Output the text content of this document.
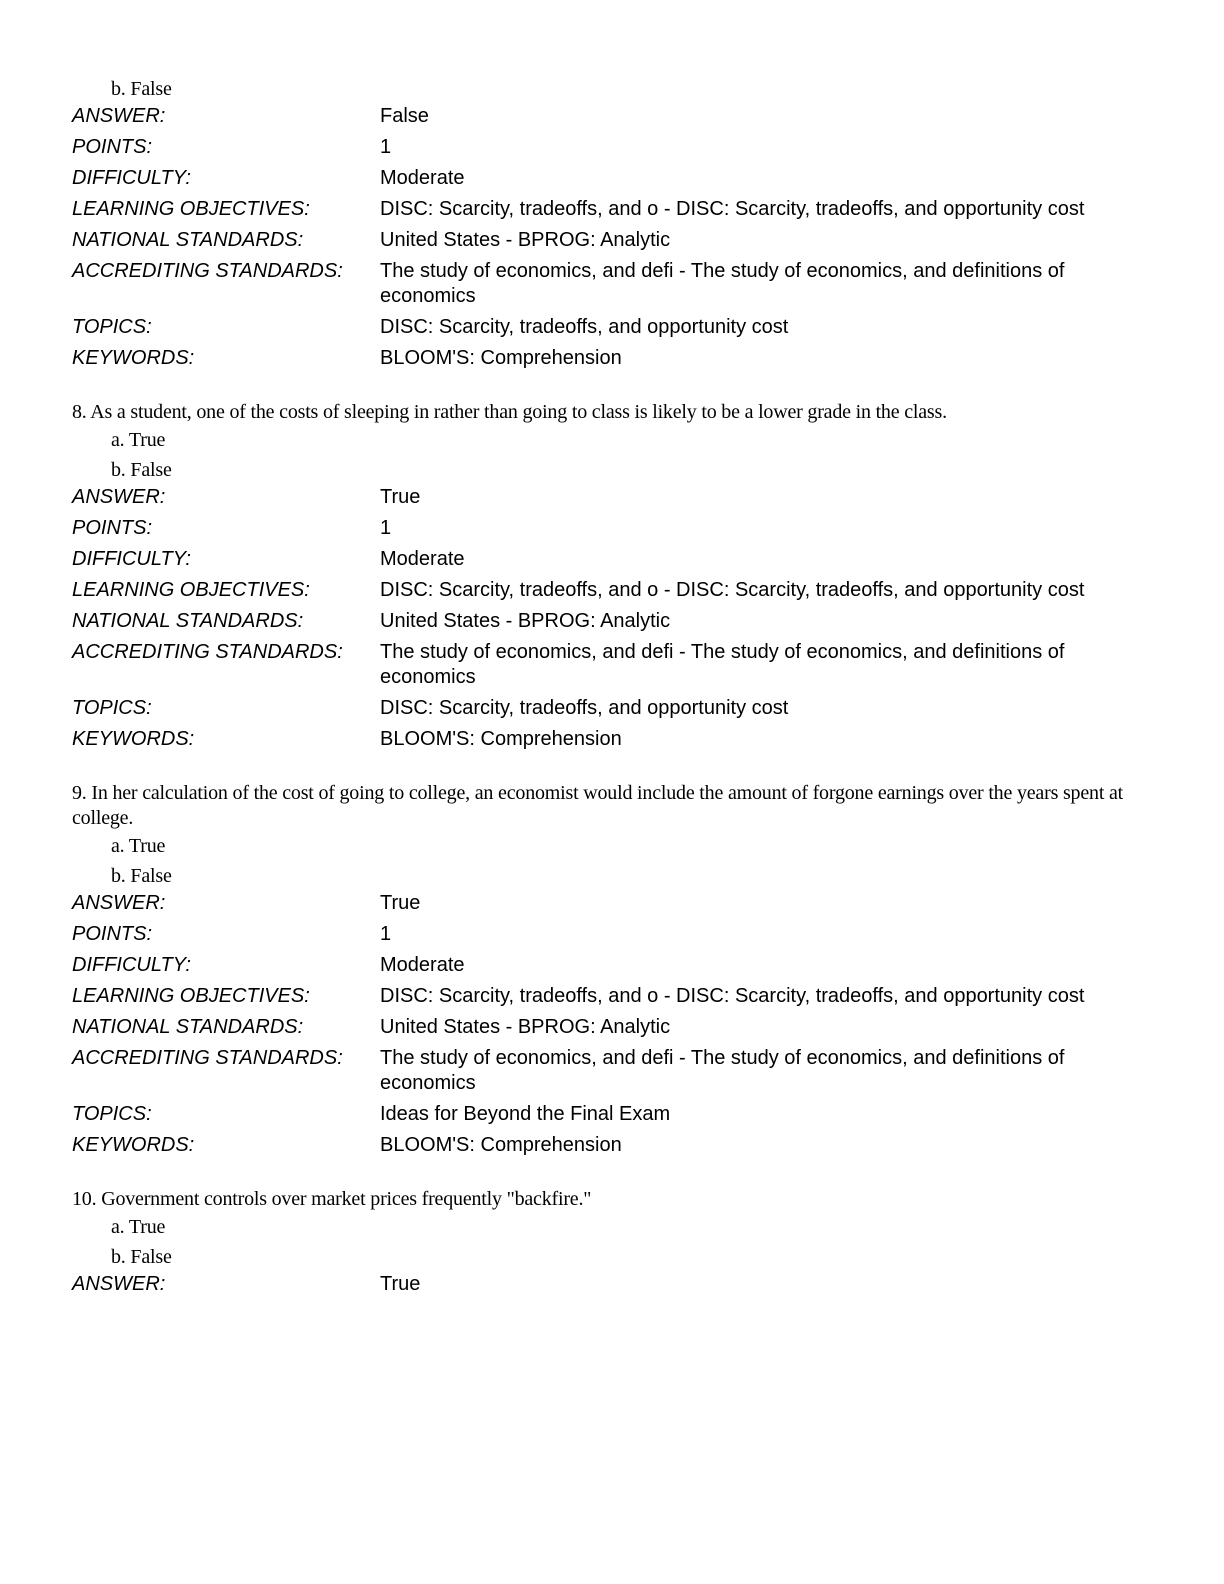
b. False
ANSWER:	False
POINTS:	1
DIFFICULTY:	Moderate
LEARNING OBJECTIVES:	DISC: Scarcity, tradeoffs, and o - DISC: Scarcity, tradeoffs, and opportunity cost
NATIONAL STANDARDS:	United States - BPROG: Analytic
ACCREDITING STANDARDS:	The study of economics, and defi - The study of economics, and definitions of economics
TOPICS:	DISC: Scarcity, tradeoffs, and opportunity cost
KEYWORDS:	BLOOM'S: Comprehension

8. As a student, one of the costs of sleeping in rather than going to class is likely to be a lower grade in the class.

a. True
b. False
ANSWER:	True
POINTS:	1
DIFFICULTY:	Moderate
LEARNING OBJECTIVES:	DISC: Scarcity, tradeoffs, and o - DISC: Scarcity, tradeoffs, and opportunity cost
NATIONAL STANDARDS:	United States - BPROG: Analytic
ACCREDITING STANDARDS:	The study of economics, and defi - The study of economics, and definitions of economics
TOPICS:	DISC: Scarcity, tradeoffs, and opportunity cost
KEYWORDS:	BLOOM'S: Comprehension

9. In her calculation of the cost of going to college, an economist would include the amount of forgone earnings over the years spent at college.

a. True
b. False
ANSWER:	True
POINTS:	1
DIFFICULTY:	Moderate
LEARNING OBJECTIVES:	DISC: Scarcity, tradeoffs, and o - DISC: Scarcity, tradeoffs, and opportunity cost
NATIONAL STANDARDS:	United States - BPROG: Analytic
ACCREDITING STANDARDS:	The study of economics, and defi - The study of economics, and definitions of economics
TOPICS:	Ideas for Beyond the Final Exam
KEYWORDS:	BLOOM'S: Comprehension

10. Government controls over market prices frequently "backfire."

a. True
b. False
ANSWER:	True
